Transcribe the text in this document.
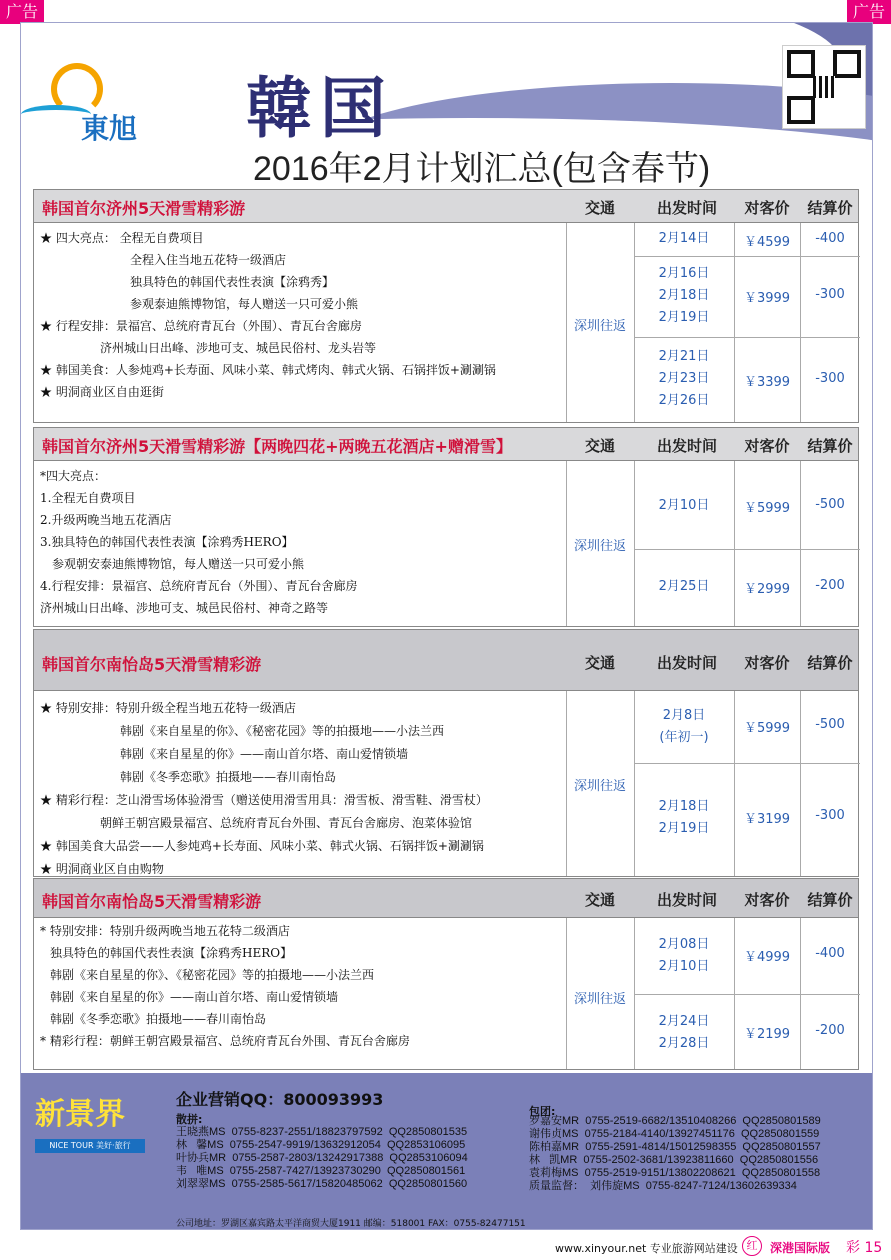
广告	广告
東旭 韓国
2016年2月计划汇总(包含春节)
韩国首尔济州5天滑雪精彩游	交通	出发时间	对客价	结算价
★ 四大亮点： 全程无自费项目
全程入住当地五花特一级酒店
独具特色的韩国代表性表演【涂鸦秀】
参观泰迪熊博物馆，每人赠送一只可爱小熊
★ 行程安排：景福宫、总统府青瓦台（外围）、青瓦台舍廊房
济州城山日出峰、涉地可支、城邑民俗村、龙头岩等
★ 韩国美食：人参炖鸡+长寿面、风味小菜、韩式烤肉、韩式火锅、石锅拌饭+涮涮锅
★ 明洞商业区自由逛街
深圳往返
2月14日	￥4599	-400
2月16日
2月18日
2月19日
￥3999	-300
2月21日
2月23日
2月26日
￥3399	-300
韩国首尔济州5天滑雪精彩游【两晚四花+两晚五花酒店+赠滑雪】	交通	出发时间	对客价	结算价
*四大亮点：
1.全程无自费项目
2.升级两晚当地五花酒店
3.独具特色的韩国代表性表演【涂鸦秀HERO】
参观朝安泰迪熊博物馆，每人赠送一只可爱小熊
4.行程安排：景福宫、总统府青瓦台（外围）、青瓦台舍廊房
济州城山日出峰、涉地可支、城邑民俗村、神奇之路等
深圳往返
2月10日	￥5999	-500
2月25日	￥2999	-200
韩国首尔南怡岛5天滑雪精彩游	交通	出发时间	对客价	结算价
★ 特别安排：特别升级全程当地五花特一级酒店
韩剧《来自星星的你》、《秘密花园》等的拍摄地——小法兰西
韩剧《来自星星的你》——南山首尔塔、南山爱情锁墙
韩剧《冬季恋歌》拍摄地——春川南怡岛
★ 精彩行程：芝山滑雪场体验滑雪（赠送使用滑雪用具：滑雪板、滑雪鞋、滑雪杖）
朝鲜王朝宫殿景福宫、总统府青瓦台外围、青瓦台舍廊房、泡菜体验馆
★ 韩国美食大品尝——人参炖鸡+长寿面、风味小菜、韩式火锅、石锅拌饭+涮涮锅
★ 明洞商业区自由购物
深圳往返
2月8日
(年初一)
￥5999	-500
2月18日
2月19日
￥3199	-300
韩国首尔南怡岛5天滑雪精彩游	交通	出发时间	对客价	结算价
* 特别安排：特别升级两晚当地五花特二级酒店
独具特色的韩国代表性表演【涂鸦秀HERO】
韩剧《来自星星的你》、《秘密花园》等的拍摄地——小法兰西
韩剧《来自星星的你》——南山首尔塔、南山爱情锁墙
韩剧《冬季恋歌》拍摄地——春川南怡岛
* 精彩行程：朝鲜王朝宫殿景福宫、总统府青瓦台外围、青瓦台舍廊房
深圳往返
2月08日
2月10日
￥4999	-400
2月24日
2月28日
￥2199	-200
新景界
NICE TOUR 美好·旅行
企业营销QQ：800093993
散拼:
王晓燕MS  0755-8237-2551/18823797592  QQ2850801535
林   馨MS  0755-2547-9919/13632912054  QQ2853106095
叶协兵MR  0755-2587-2803/13242917388  QQ2853106094
韦   唯MS  0755-2587-7427/13923730290  QQ2850801561
刘翠翠MS  0755-2585-5617/15820485062  QQ2850801560
包团:
罗嘉安MR  0755-2519-6682/13510408266  QQ2850801589
谢伟贞MS  0755-2184-4140/13927451176  QQ2850801559
陈柏嘉MR  0755-2591-4814/15012598355  QQ2850801557
林   凯MR  0755-2502-3681/13923811660  QQ2850801556
袁莉梅MS  0755-2519-9151/13802208621  QQ2850801558
质量监督：  刘伟旋MS  0755-8247-7124/13602639334
公司地址：罗湖区嘉宾路太平洋商贸大厦1911 邮编：518001 FAX：0755-82477151
www.xinyour.net 专业旅游网站建设 红	深港国际版 彩 15
